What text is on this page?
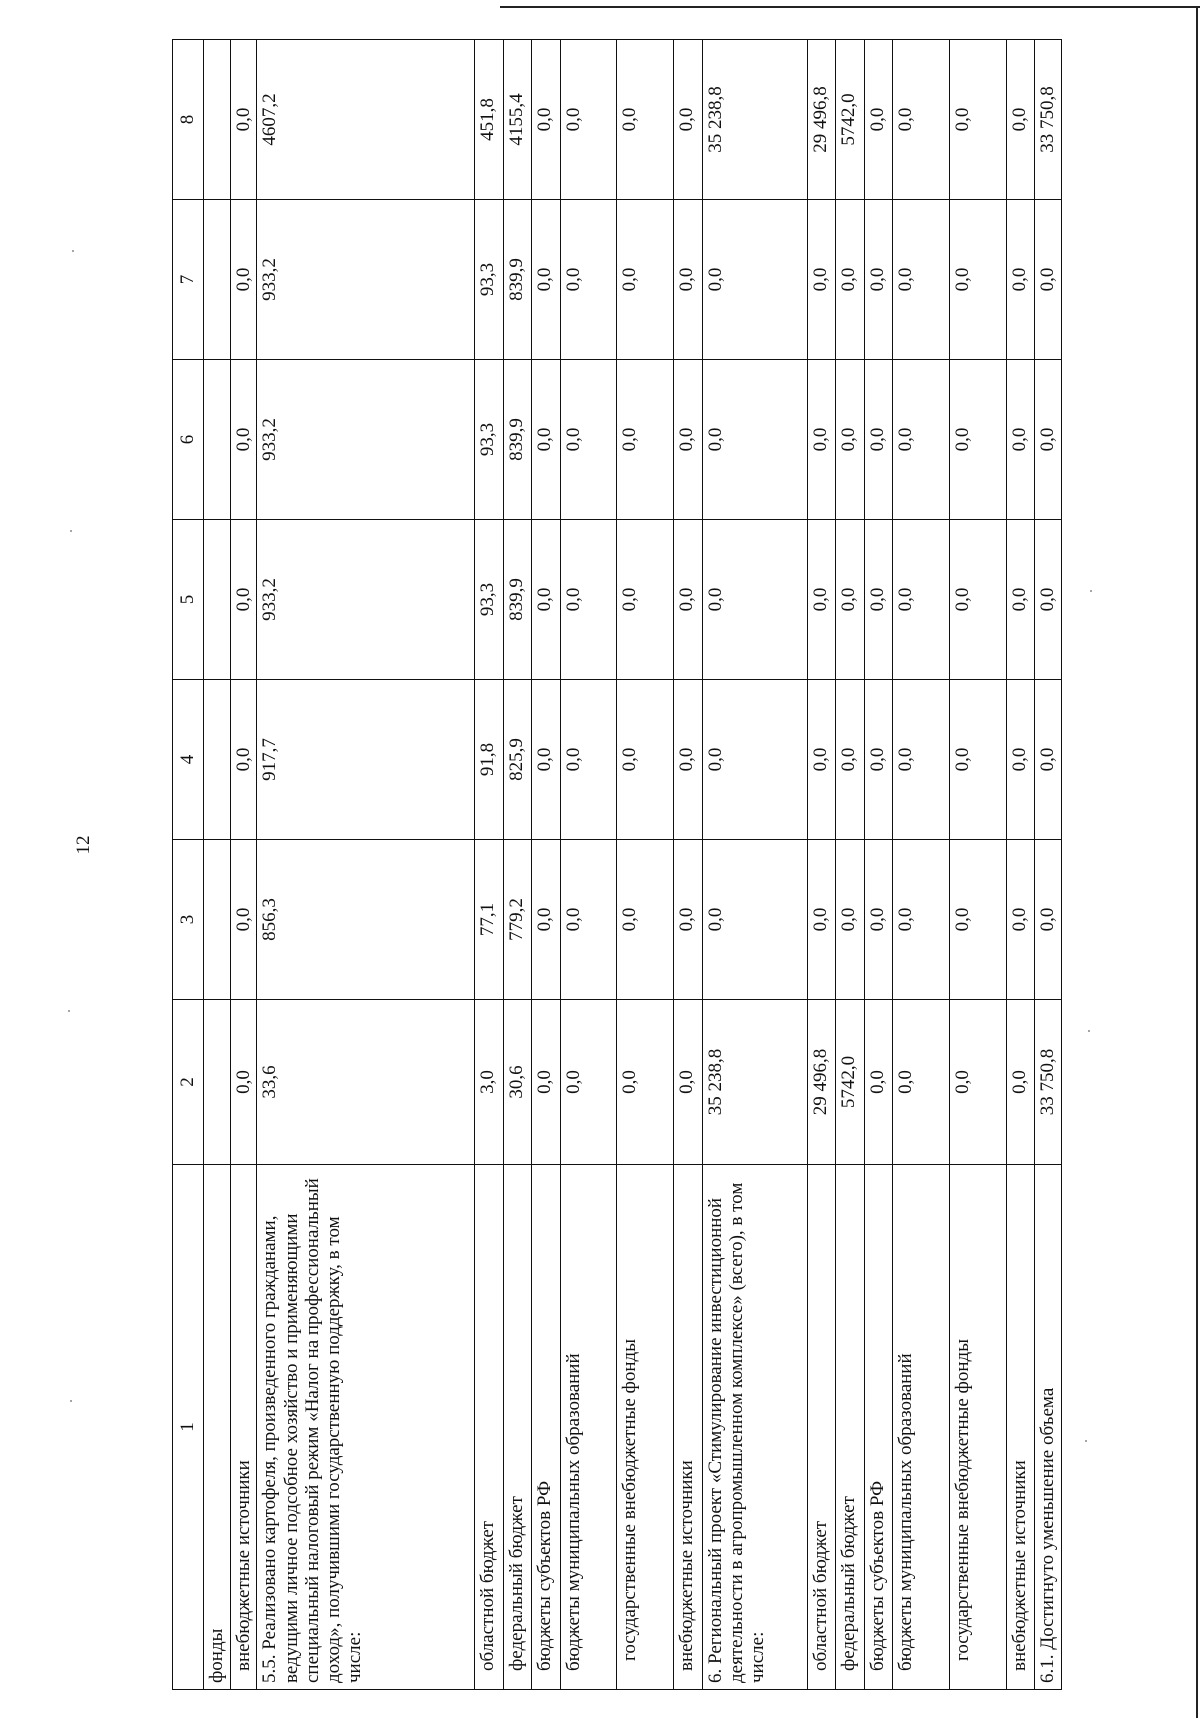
12
1	2	3	4	5	6	7	8
фонды							
внебюджетные источники	0,0	0,0	0,0	0,0	0,0	0,0	0,0
5.5. Реализовано картофеля, произведенного гражданами, ведущими личное подсобное хозяйство и применяющими специальный налоговый режим «Налог на профессиональный доход», получившими государственную поддержку, в том числе:	33,6	856,3	917,7	933,2	933,2	933,2	4607,2
областной бюджет	3,0	77,1	91,8	93,3	93,3	93,3	451,8
федеральный бюджет	30,6	779,2	825,9	839,9	839,9	839,9	4155,4
бюджеты субъектов РФ	0,0	0,0	0,0	0,0	0,0	0,0	0,0
бюджеты муниципальных образований	0,0	0,0	0,0	0,0	0,0	0,0	0,0
государственные внебюджетные фонды	0,0	0,0	0,0	0,0	0,0	0,0	0,0
внебюджетные источники	0,0	0,0	0,0	0,0	0,0	0,0	0,0
6. Региональный проект «Стимулирование инвестиционной деятельности в агропромышленном комплексе» (всего), в том числе:	35 238,8	0,0	0,0	0,0	0,0	0,0	35 238,8
областной бюджет	29 496,8	0,0	0,0	0,0	0,0	0,0	29 496,8
федеральный бюджет	5742,0	0,0	0,0	0,0	0,0	0,0	5742,0
бюджеты субъектов РФ	0,0	0,0	0,0	0,0	0,0	0,0	0,0
бюджеты муниципальных образований	0,0	0,0	0,0	0,0	0,0	0,0	0,0
государственные внебюджетные фонды	0,0	0,0	0,0	0,0	0,0	0,0	0,0
внебюджетные источники	0,0	0,0	0,0	0,0	0,0	0,0	0,0
6.1. Достигнуто уменьшение объема	33 750,8	0,0	0,0	0,0	0,0	0,0	33 750,8
